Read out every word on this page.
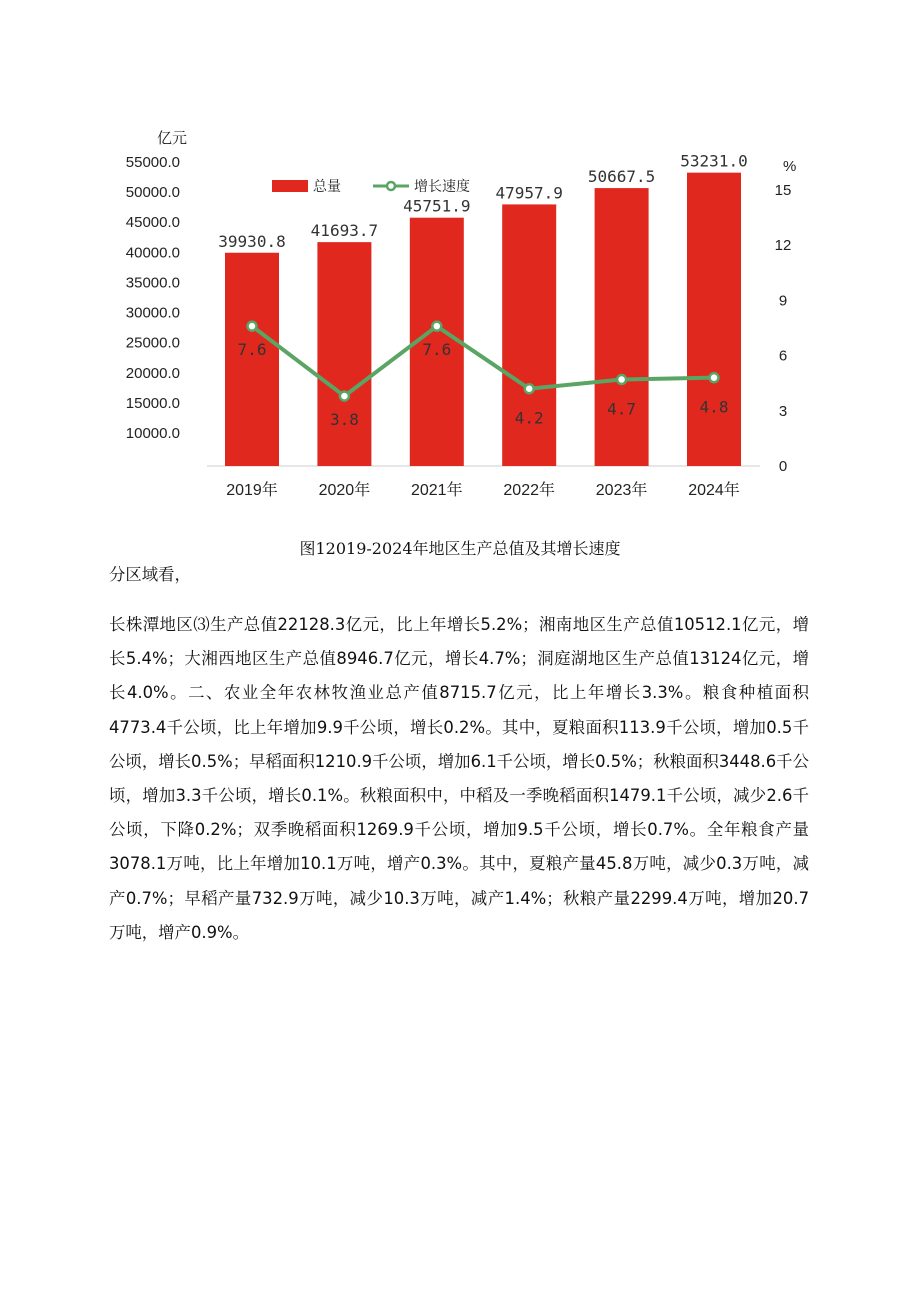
亿元
%
55000.0
50000.0
45000.0
40000.0
35000.0
30000.0
25000.0
20000.0
15000.0
10000.0
15
12
9
6
3
0
总量	增长速度
39930.8
41693.7
45751.9
47957.9
50667.5
53231.0
7.6
3.8
7.6
4.2	4.7	4.8
2019年	2020年	2021年	2022年	2023年	2024年
图12019-2024年地区生产总值及其增长速度
分区域看，
长株潭地区⑶生产总值22128.3亿元，比上年增长5.2%；湘南地区生产总值10512.1亿元，增长5.4%；大湘西地区生产总值8946.7亿元，增长4.7%；洞庭湖地区生产总值13124亿元，增长4.0%。二、农业全年农林牧渔业总产值8715.7亿元，比上年增长3.3%。粮食种植面积4773.4千公顷，比上年增加9.9千公顷，增长0.2%。其中，夏粮面积113.9千公顷，增加0.5千公顷，增长0.5%；早稻面积1210.9千公顷，增加6.1千公顷，增长0.5%；秋粮面积3448.6千公顷，增加3.3千公顷，增长0.1%。秋粮面积中，中稻及一季晚稻面积1479.1千公顷，减少2.6千公顷，下降0.2%；双季晚稻面积1269.9千公顷，增加9.5千公顷，增长0.7%。全年粮食产量3078.1万吨，比上年增加10.1万吨，增产0.3%。其中，夏粮产量45.8万吨，减少0.3万吨，减产0.7%；早稻产量732.9万吨，减少10.3万吨，减产1.4%；秋粮产量2299.4万吨，增加20.7万吨，增产0.9%。
